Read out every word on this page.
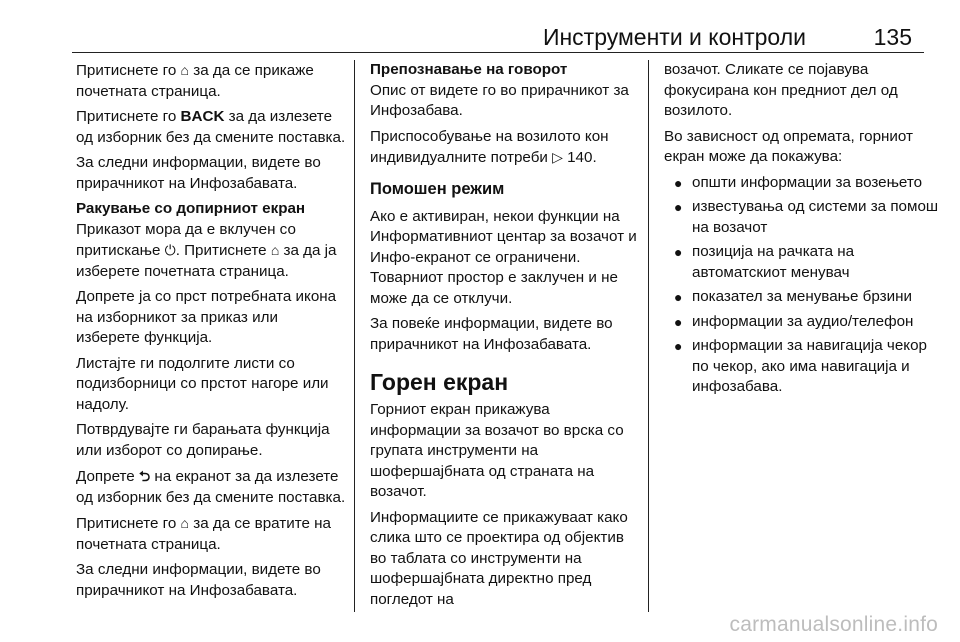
Инструменти и контроли	135

Притиснете го ⌂ за да се прикаже почетната страница.

Притиснете го BACK за да излезете од изборник без да смените поставка.

За следни информации, видете во прирачникот на Инфозабавата.

Ракување со допирниот екран

Приказот мора да е вклучен со притискање ⏻. Притиснете ⌂ за да ја изберете почетната страница.

Допрете ја со прст потребната икона на изборникот за приказ или изберете функција.

Листајте ги подолгите листи со подизборници со прстот нагоре или надолу.

Потврдувајте ги барањата функција или изборот со допирање.

Допрете ⮌ на екранот за да излезете од изборник без да смените поставка.

Притиснете го ⌂ за да се вратите на почетната страница.

За следни информации, видете во прирачникот на Инфозабавата.

Препознавање на говорот

Опис от видете го во прирачникот за Инфозабава.

Приспособување на возилото кон индивидуалните потреби ▷ 140.

Помошен режим

Ако е активиран, некои функции на Информативниот центар за возачот и Инфо-екранот се ограничени. Товарниот простор е заклучен и не може да се отклучи.

За повеќе информации, видете во прирачникот на Инфозабавата.

Горен екран

Горниот екран прикажува информации за возачот во врска со групата инструменти на шофершајбната од страната на возачот.

Информациите се прикажуваат како слика што се проектира од објектив во таблата со инструменти на шофершајбната директно пред погледот на

возачот. Сликате се појавува фокусирана кон предниот дел од возилото.

Во зависност од опремата, горниот екран може да покажува:

● општи информации за возењето
● известувања од системи за помош на возачот
● позиција на рачката на автоматскиот менувач
● показател за менување брзини
● информации за аудио/телефон
● информации за навигација чекор по чекор, ако има навигација и инфозабава.
carmanualsonline.info
